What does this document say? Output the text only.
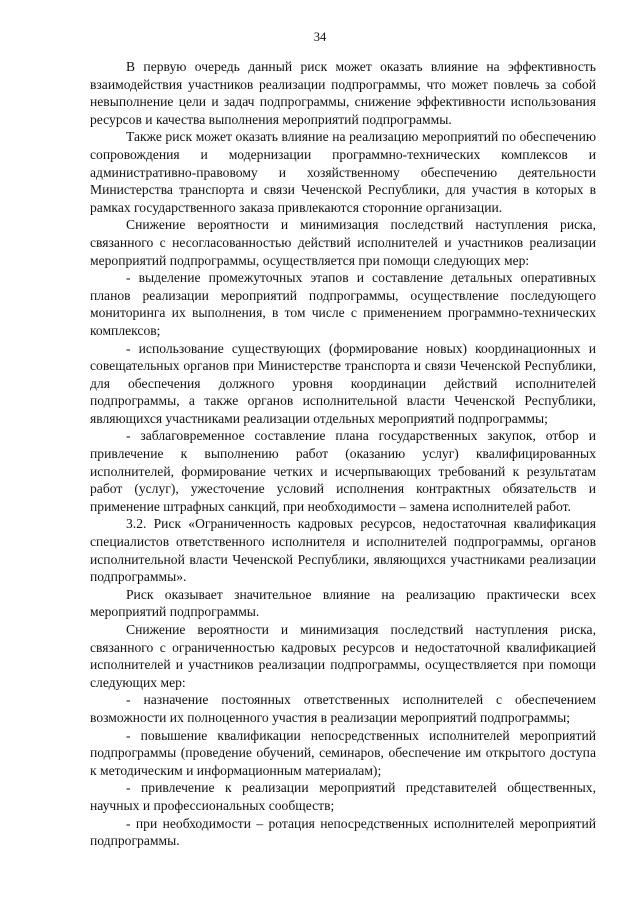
34

В первую очередь данный риск может оказать влияние на эффективность взаимодействия участников реализации подпрограммы, что может повлечь за собой невыполнение цели и задач подпрограммы, снижение эффективности использования ресурсов и качества выполнения мероприятий подпрограммы.

Также риск может оказать влияние на реализацию мероприятий по обеспечению сопровождения и модернизации программно-технических комплексов и административно-правовому и хозяйственному обеспечению деятельности Министерства транспорта и связи Чеченской Республики, для участия в которых в рамках государственного заказа привлекаются сторонние организации.

Снижение вероятности и минимизация последствий наступления риска, связанного с несогласованностью действий исполнителей и участников реализации мероприятий подпрограммы, осуществляется при помощи следующих мер:

- выделение промежуточных этапов и составление детальных оперативных планов реализации мероприятий подпрограммы, осуществление последующего мониторинга их выполнения, в том числе с применением программно-технических комплексов;

- использование существующих (формирование новых) координационных и совещательных органов при Министерстве транспорта и связи Чеченской Республики, для обеспечения должного уровня координации действий исполнителей подпрограммы, а также органов исполнительной власти Чеченской Республики, являющихся участниками реализации отдельных мероприятий подпрограммы;

- заблаговременное составление плана государственных закупок, отбор и привлечение к выполнению работ (оказанию услуг) квалифицированных исполнителей, формирование четких и исчерпывающих требований к результатам работ (услуг), ужесточение условий исполнения контрактных обязательств и применение штрафных санкций, при необходимости – замена исполнителей работ.

3.2. Риск «Ограниченность кадровых ресурсов, недостаточная квалификация специалистов ответственного исполнителя и исполнителей подпрограммы, органов исполнительной власти Чеченской Республики, являющихся участниками реализации подпрограммы».

Риск оказывает значительное влияние на реализацию практически всех мероприятий подпрограммы.

Снижение вероятности и минимизация последствий наступления риска, связанного с ограниченностью кадровых ресурсов и недостаточной квалификацией исполнителей и участников реализации подпрограммы, осуществляется при помощи следующих мер:

- назначение постоянных ответственных исполнителей с обеспечением возможности их полноценного участия в реализации мероприятий подпрограммы;

- повышение квалификации непосредственных исполнителей мероприятий подпрограммы (проведение обучений, семинаров, обеспечение им открытого доступа к методическим и информационным материалам);

- привлечение к реализации мероприятий представителей общественных, научных и профессиональных сообществ;

- при необходимости – ротация непосредственных исполнителей мероприятий подпрограммы.
